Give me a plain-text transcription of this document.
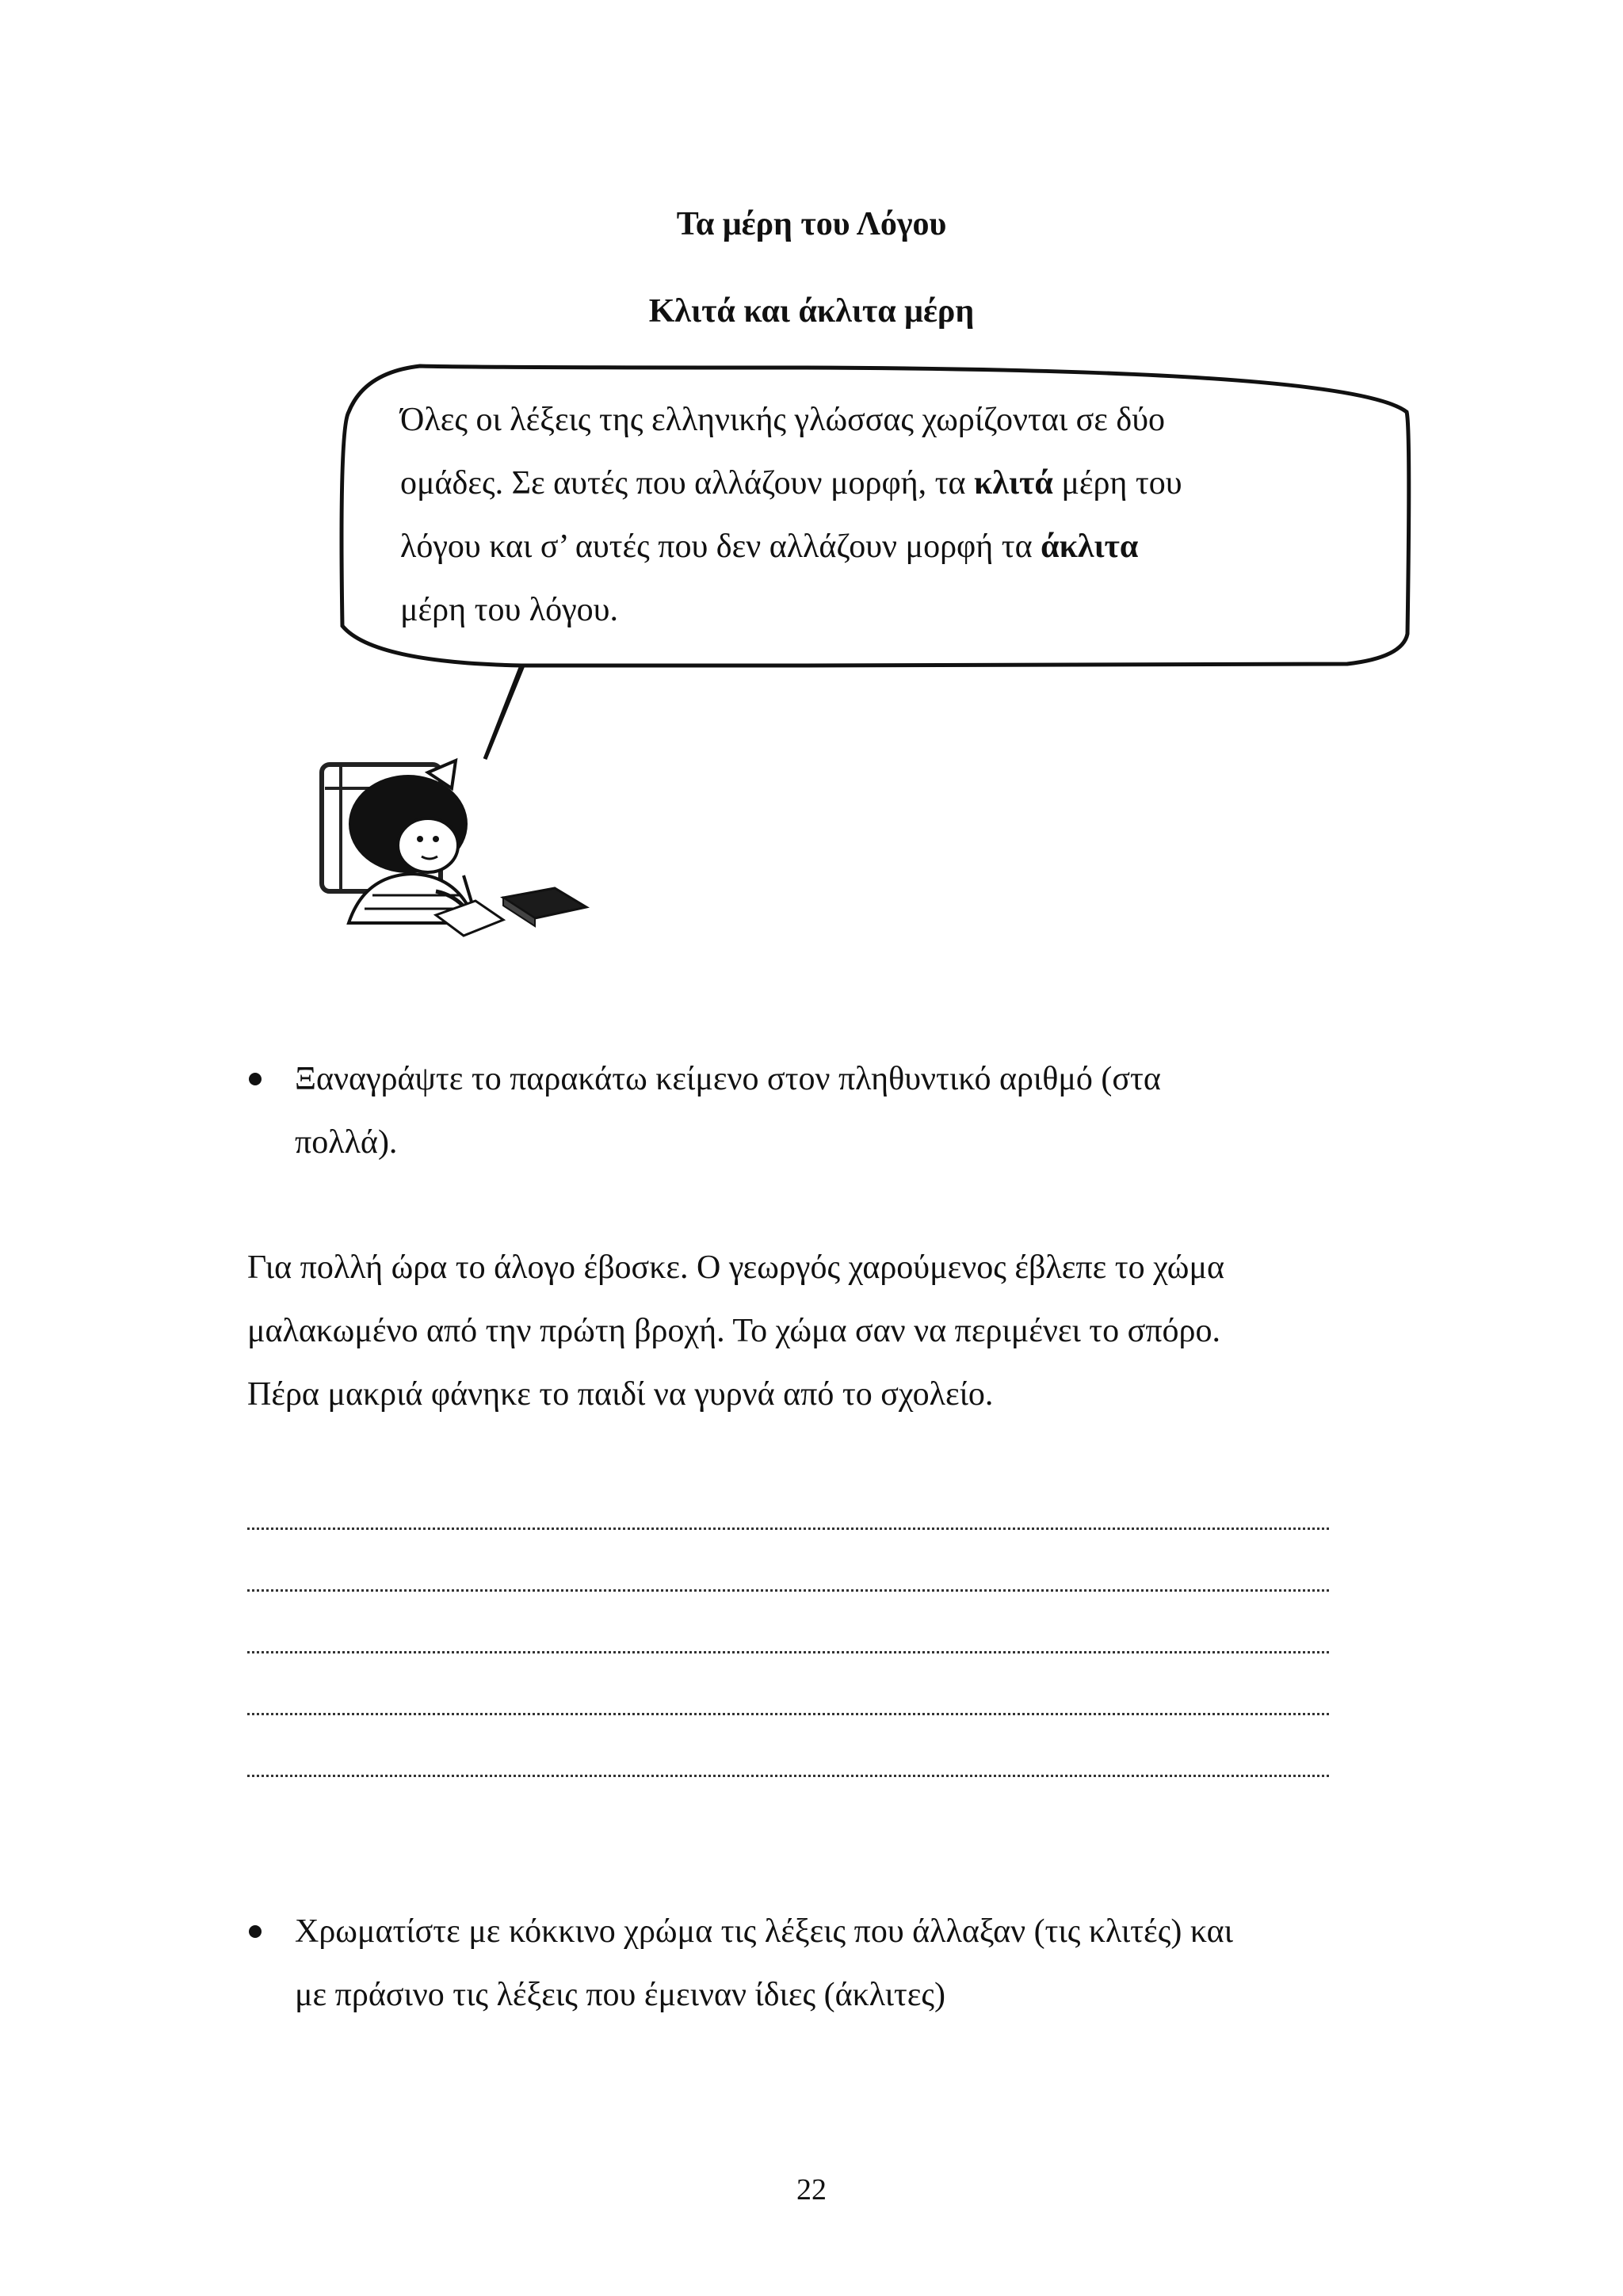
Τα μέρη του Λόγου
Κλιτά και άκλιτα μέρη
Όλες οι λέξεις της ελληνικής γλώσσας χωρίζονται σε δύο
ομάδες. Σε αυτές που αλλάζουν μορφή, τα κλιτά μέρη του
λόγου και σ’ αυτές που δεν αλλάζουν μορφή τα άκλιτα
μέρη του λόγου.
Ξαναγράψτε το παρακάτω κείμενο στον πληθυντικό αριθμό (στα
πολλά).
Για πολλή ώρα το άλογο έβοσκε. Ο γεωργός χαρούμενος έβλεπε το χώμα
μαλακωμένο από την πρώτη βροχή. Το χώμα σαν να περιμένει το σπόρο.
Πέρα μακριά φάνηκε το παιδί να γυρνά από το σχολείο.
Χρωματίστε με κόκκινο χρώμα τις λέξεις που άλλαξαν (τις κλιτές) και
με πράσινο τις λέξεις που έμειναν ίδιες (άκλιτες)
22
